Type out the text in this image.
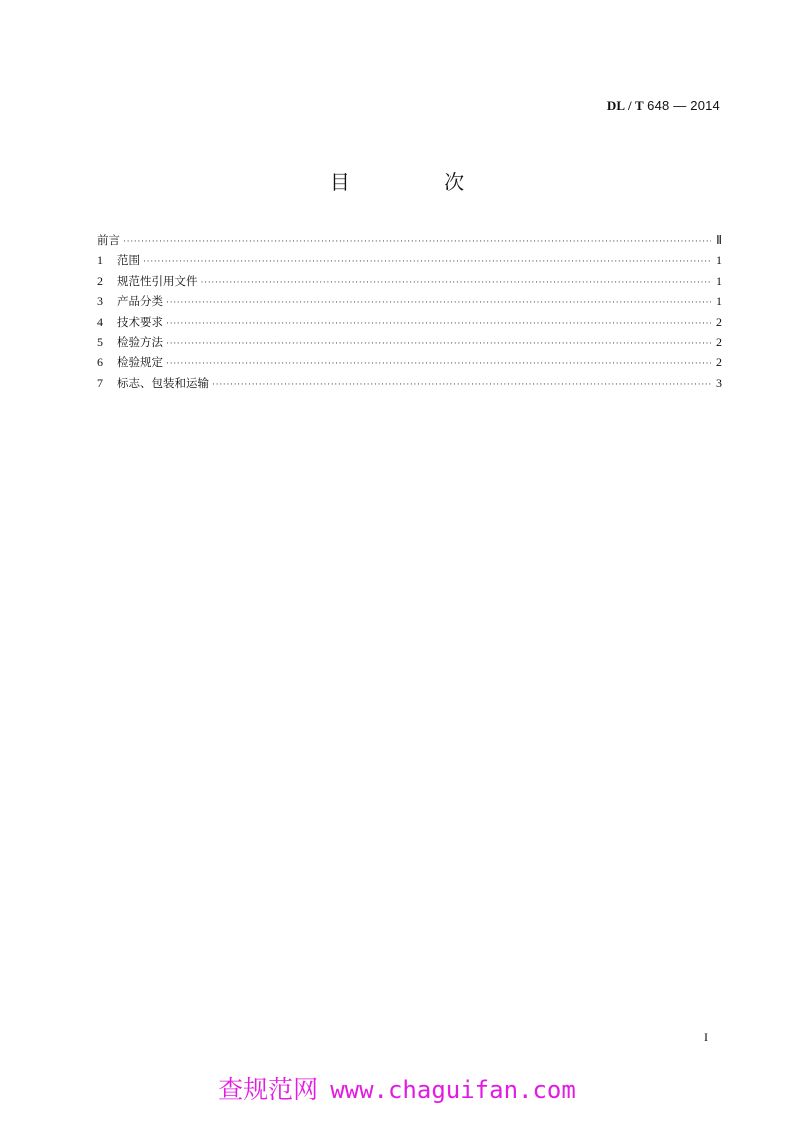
DL / T 648 — 2014
目 次
前言 ·····	Ⅱ
1	范围 ·····	1
2	规范性引用文件 ·····	1
3	产品分类 ·····	1
4	技术要求 ·····	2
5	检验方法 ·····	2
6	检验规定 ·····	2
7	标志、包装和运输 ·····	3
I
查规范网 www.chaguifan.com
